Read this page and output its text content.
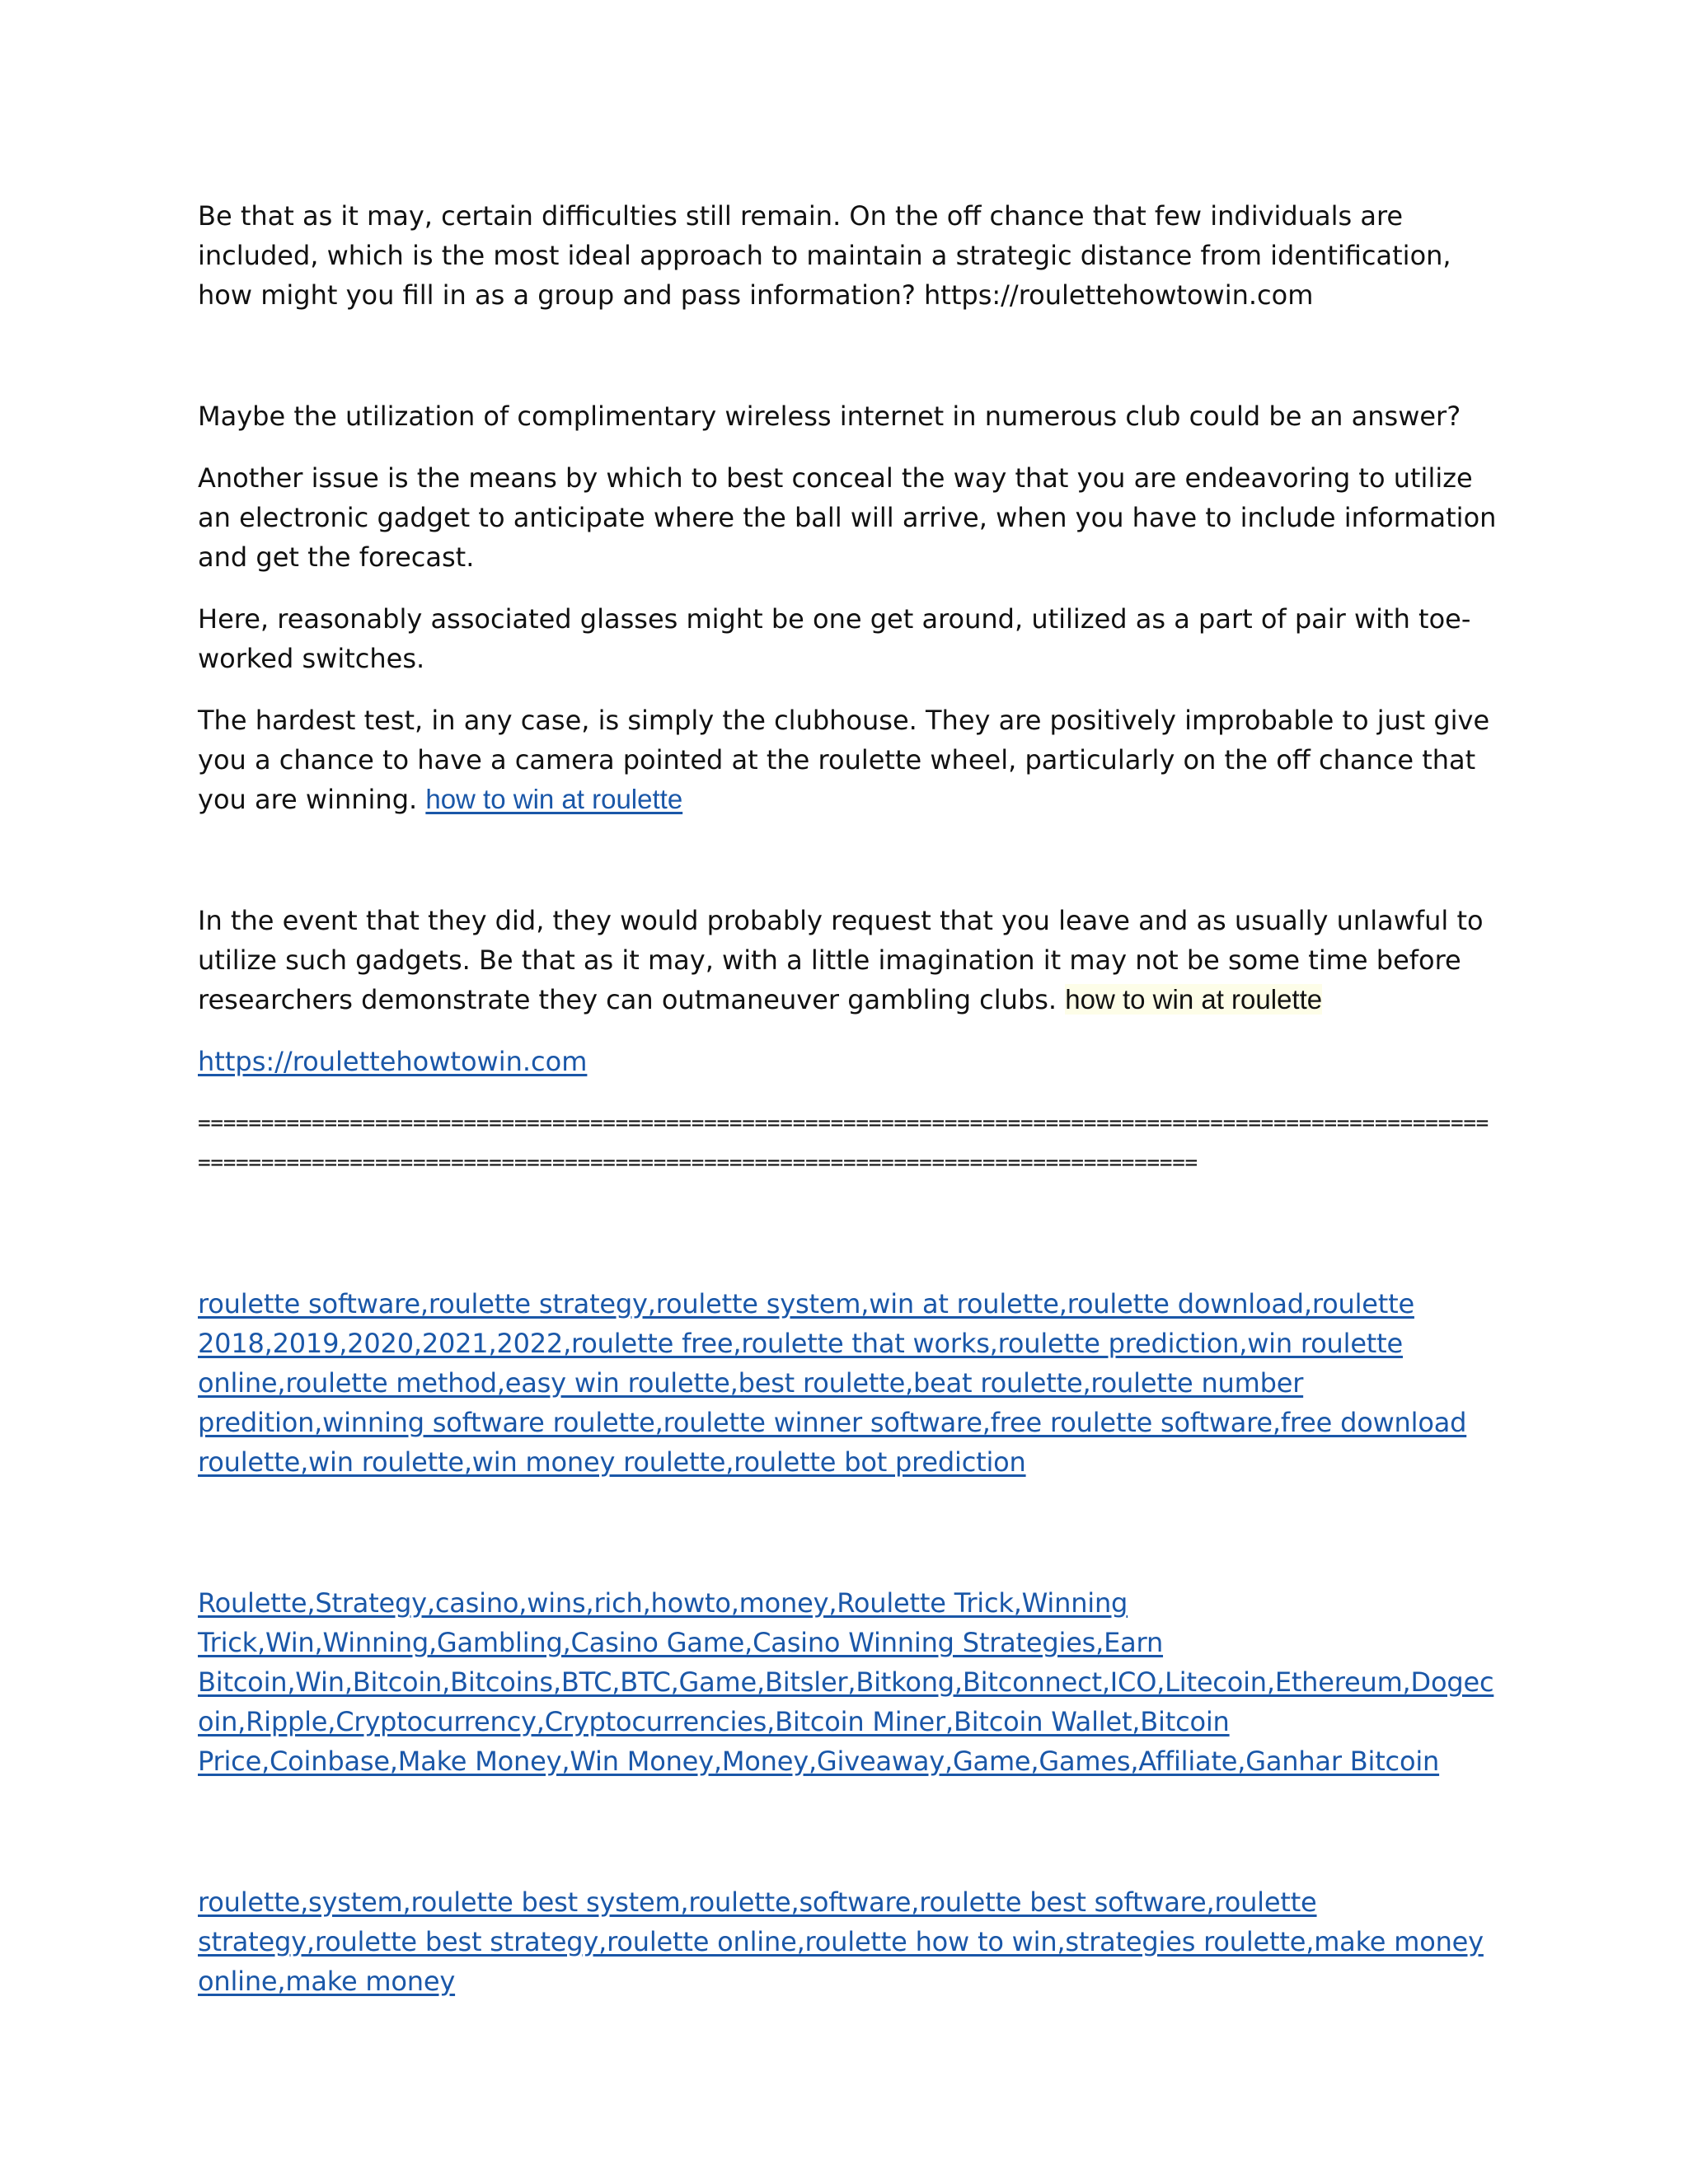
Be that as it may, certain difficulties still remain. On the off chance that few individuals are included, which is the most ideal approach to maintain a strategic distance from identification, how might you fill in as a group and pass information? https://roulettehowtowin.com

Maybe the utilization of complimentary wireless internet in numerous club could be an answer?

Another issue is the means by which to best conceal the way that you are endeavoring to utilize an electronic gadget to anticipate where the ball will arrive, when you have to include information and get the forecast.

Here, reasonably associated glasses might be one get around, utilized as a part of pair with toe-worked switches.

The hardest test, in any case, is simply the clubhouse. They are positively improbable to just give you a chance to have a camera pointed at the roulette wheel, particularly on the off chance that you are winning. how to win at roulette

In the event that they did, they would probably request that you leave and as usually unlawful to utilize such gadgets. Be that as it may, with a little imagination it may not be some time before researchers demonstrate they can outmaneuver gambling clubs. how to win at roulette

https://roulettehowtowin.com

=====================================================================================================================================================================================

roulette software,roulette strategy,roulette system,win at roulette,roulette download,roulette 2018,2019,2020,2021,2022,roulette free,roulette that works,roulette prediction,win roulette online,roulette method,easy win roulette,best roulette,beat roulette,roulette number predition,winning software roulette,roulette winner software,free roulette software,free download roulette,win roulette,win money roulette,roulette bot prediction

Roulette,Strategy,casino,wins,rich,howto,money,Roulette Trick,Winning Trick,Win,Winning,Gambling,Casino Game,Casino Winning Strategies,Earn Bitcoin,Win,Bitcoin,Bitcoins,BTC,BTC,Game,Bitsler,Bitkong,Bitconnect,ICO,Litecoin,Ethereum,Dogecoin,Ripple,Cryptocurrency,Cryptocurrencies,Bitcoin Miner,Bitcoin Wallet,Bitcoin Price,Coinbase,Make Money,Win Money,Money,Giveaway,Game,Games,Affiliate,Ganhar Bitcoin

roulette,system,roulette best system,roulette,software,roulette best software,roulette strategy,roulette best strategy,roulette online,roulette how to win,strategies roulette,make money online,make money
